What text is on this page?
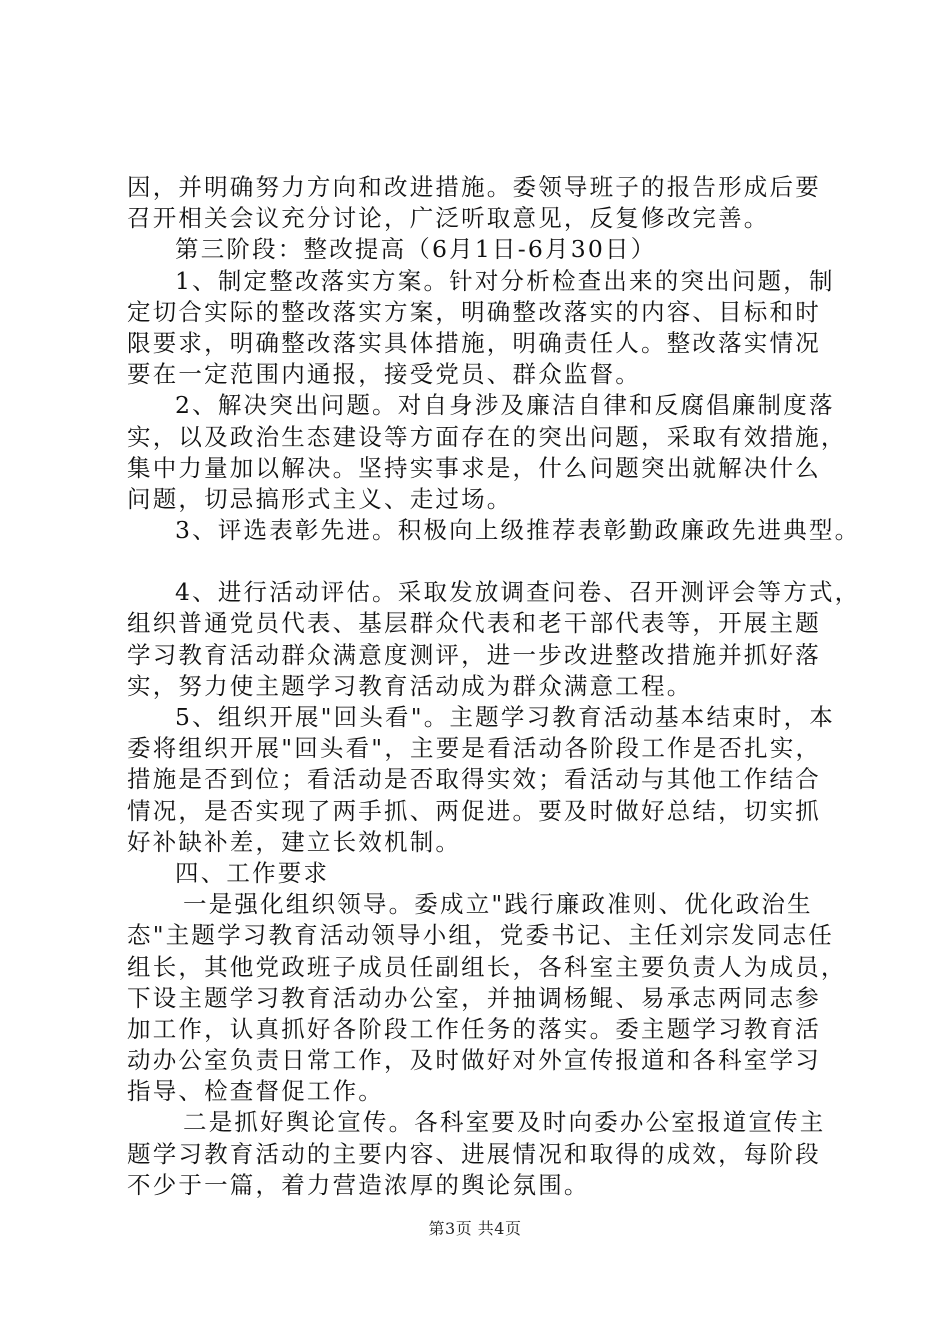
因，并明确努力方向和改进措施。委领导班子的报告形成后要
召开相关会议充分讨论，广泛听取意见，反复修改完善。
第三阶段：整改提高（6月1日-6月30日）
1、制定整改落实方案。针对分析检查出来的突出问题，制
定切合实际的整改落实方案，明确整改落实的内容、目标和时
限要求，明确整改落实具体措施，明确责任人。整改落实情况
要在一定范围内通报，接受党员、群众监督。
2、解决突出问题。对自身涉及廉洁自律和反腐倡廉制度落
实，以及政治生态建设等方面存在的突出问题，采取有效措施，
集中力量加以解决。坚持实事求是，什么问题突出就解决什么
问题，切忌搞形式主义、走过场。
3、评选表彰先进。积极向上级推荐表彰勤政廉政先进典型。
4、进行活动评估。采取发放调查问卷、召开测评会等方式，
组织普通党员代表、基层群众代表和老干部代表等，开展主题
学习教育活动群众满意度测评，进一步改进整改措施并抓好落
实，努力使主题学习教育活动成为群众满意工程。
5、组织开展"回头看"。主题学习教育活动基本结束时，本
委将组织开展"回头看"，主要是看活动各阶段工作是否扎实，
措施是否到位；看活动是否取得实效；看活动与其他工作结合
情况，是否实现了两手抓、两促进。要及时做好总结，切实抓
好补缺补差，建立长效机制。
四、工作要求
一是强化组织领导。委成立"践行廉政准则、优化政治生
态"主题学习教育活动领导小组，党委书记、主任刘宗发同志任
组长，其他党政班子成员任副组长，各科室主要负责人为成员，
下设主题学习教育活动办公室，并抽调杨鲲、易承志两同志参
加工作，认真抓好各阶段工作任务的落实。委主题学习教育活
动办公室负责日常工作，及时做好对外宣传报道和各科室学习
指导、检查督促工作。
二是抓好舆论宣传。各科室要及时向委办公室报道宣传主
题学习教育活动的主要内容、进展情况和取得的成效，每阶段
不少于一篇，着力营造浓厚的舆论氛围。
第3页 共4页
